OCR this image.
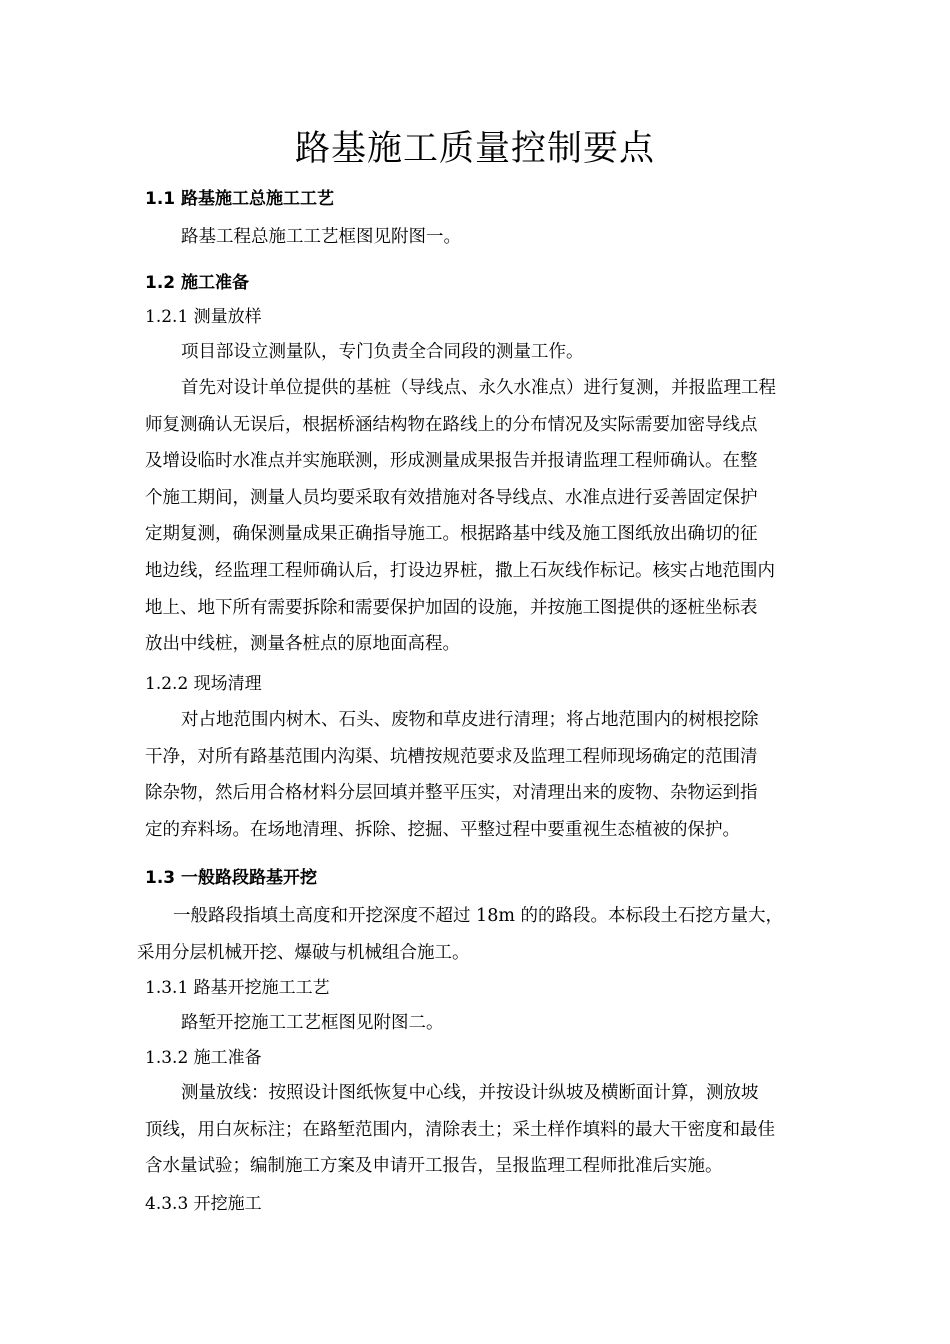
路基施工质量控制要点
1.1 路基施工总施工工艺
路基工程总施工工艺框图见附图一。
1.2 施工准备
1.2.1 测量放样
项目部设立测量队，专门负责全合同段的测量工作。
首先对设计单位提供的基桩（导线点、永久水准点）进行复测，并报监理工程
师复测确认无误后，根据桥涵结构物在路线上的分布情况及实际需要加密导线点
及增设临时水准点并实施联测，形成测量成果报告并报请监理工程师确认。在整
个施工期间，测量人员均要采取有效措施对各导线点、水准点进行妥善固定保护
定期复测，确保测量成果正确指导施工。根据路基中线及施工图纸放出确切的征
地边线，经监理工程师确认后，打设边界桩，撒上石灰线作标记。核实占地范围内
地上、地下所有需要拆除和需要保护加固的设施，并按施工图提供的逐桩坐标表
放出中线桩，测量各桩点的原地面高程。
1.2.2 现场清理
对占地范围内树木、石头、废物和草皮进行清理；将占地范围内的树根挖除
干净，对所有路基范围内沟渠、坑槽按规范要求及监理工程师现场确定的范围清
除杂物，然后用合格材料分层回填并整平压实，对清理出来的废物、杂物运到指
定的弃料场。在场地清理、拆除、挖掘、平整过程中要重视生态植被的保护。
1.3 一般路段路基开挖
一般路段指填土高度和开挖深度不超过 18m 的的路段。本标段土石挖方量大，
采用分层机械开挖、爆破与机械组合施工。
1.3.1 路基开挖施工工艺
路堑开挖施工工艺框图见附图二。
1.3.2 施工准备
测量放线：按照设计图纸恢复中心线，并按设计纵坡及横断面计算，测放坡
顶线，用白灰标注；在路堑范围内，清除表土；采土样作填料的最大干密度和最佳
含水量试验；编制施工方案及申请开工报告，呈报监理工程师批准后实施。
4.3.3 开挖施工
